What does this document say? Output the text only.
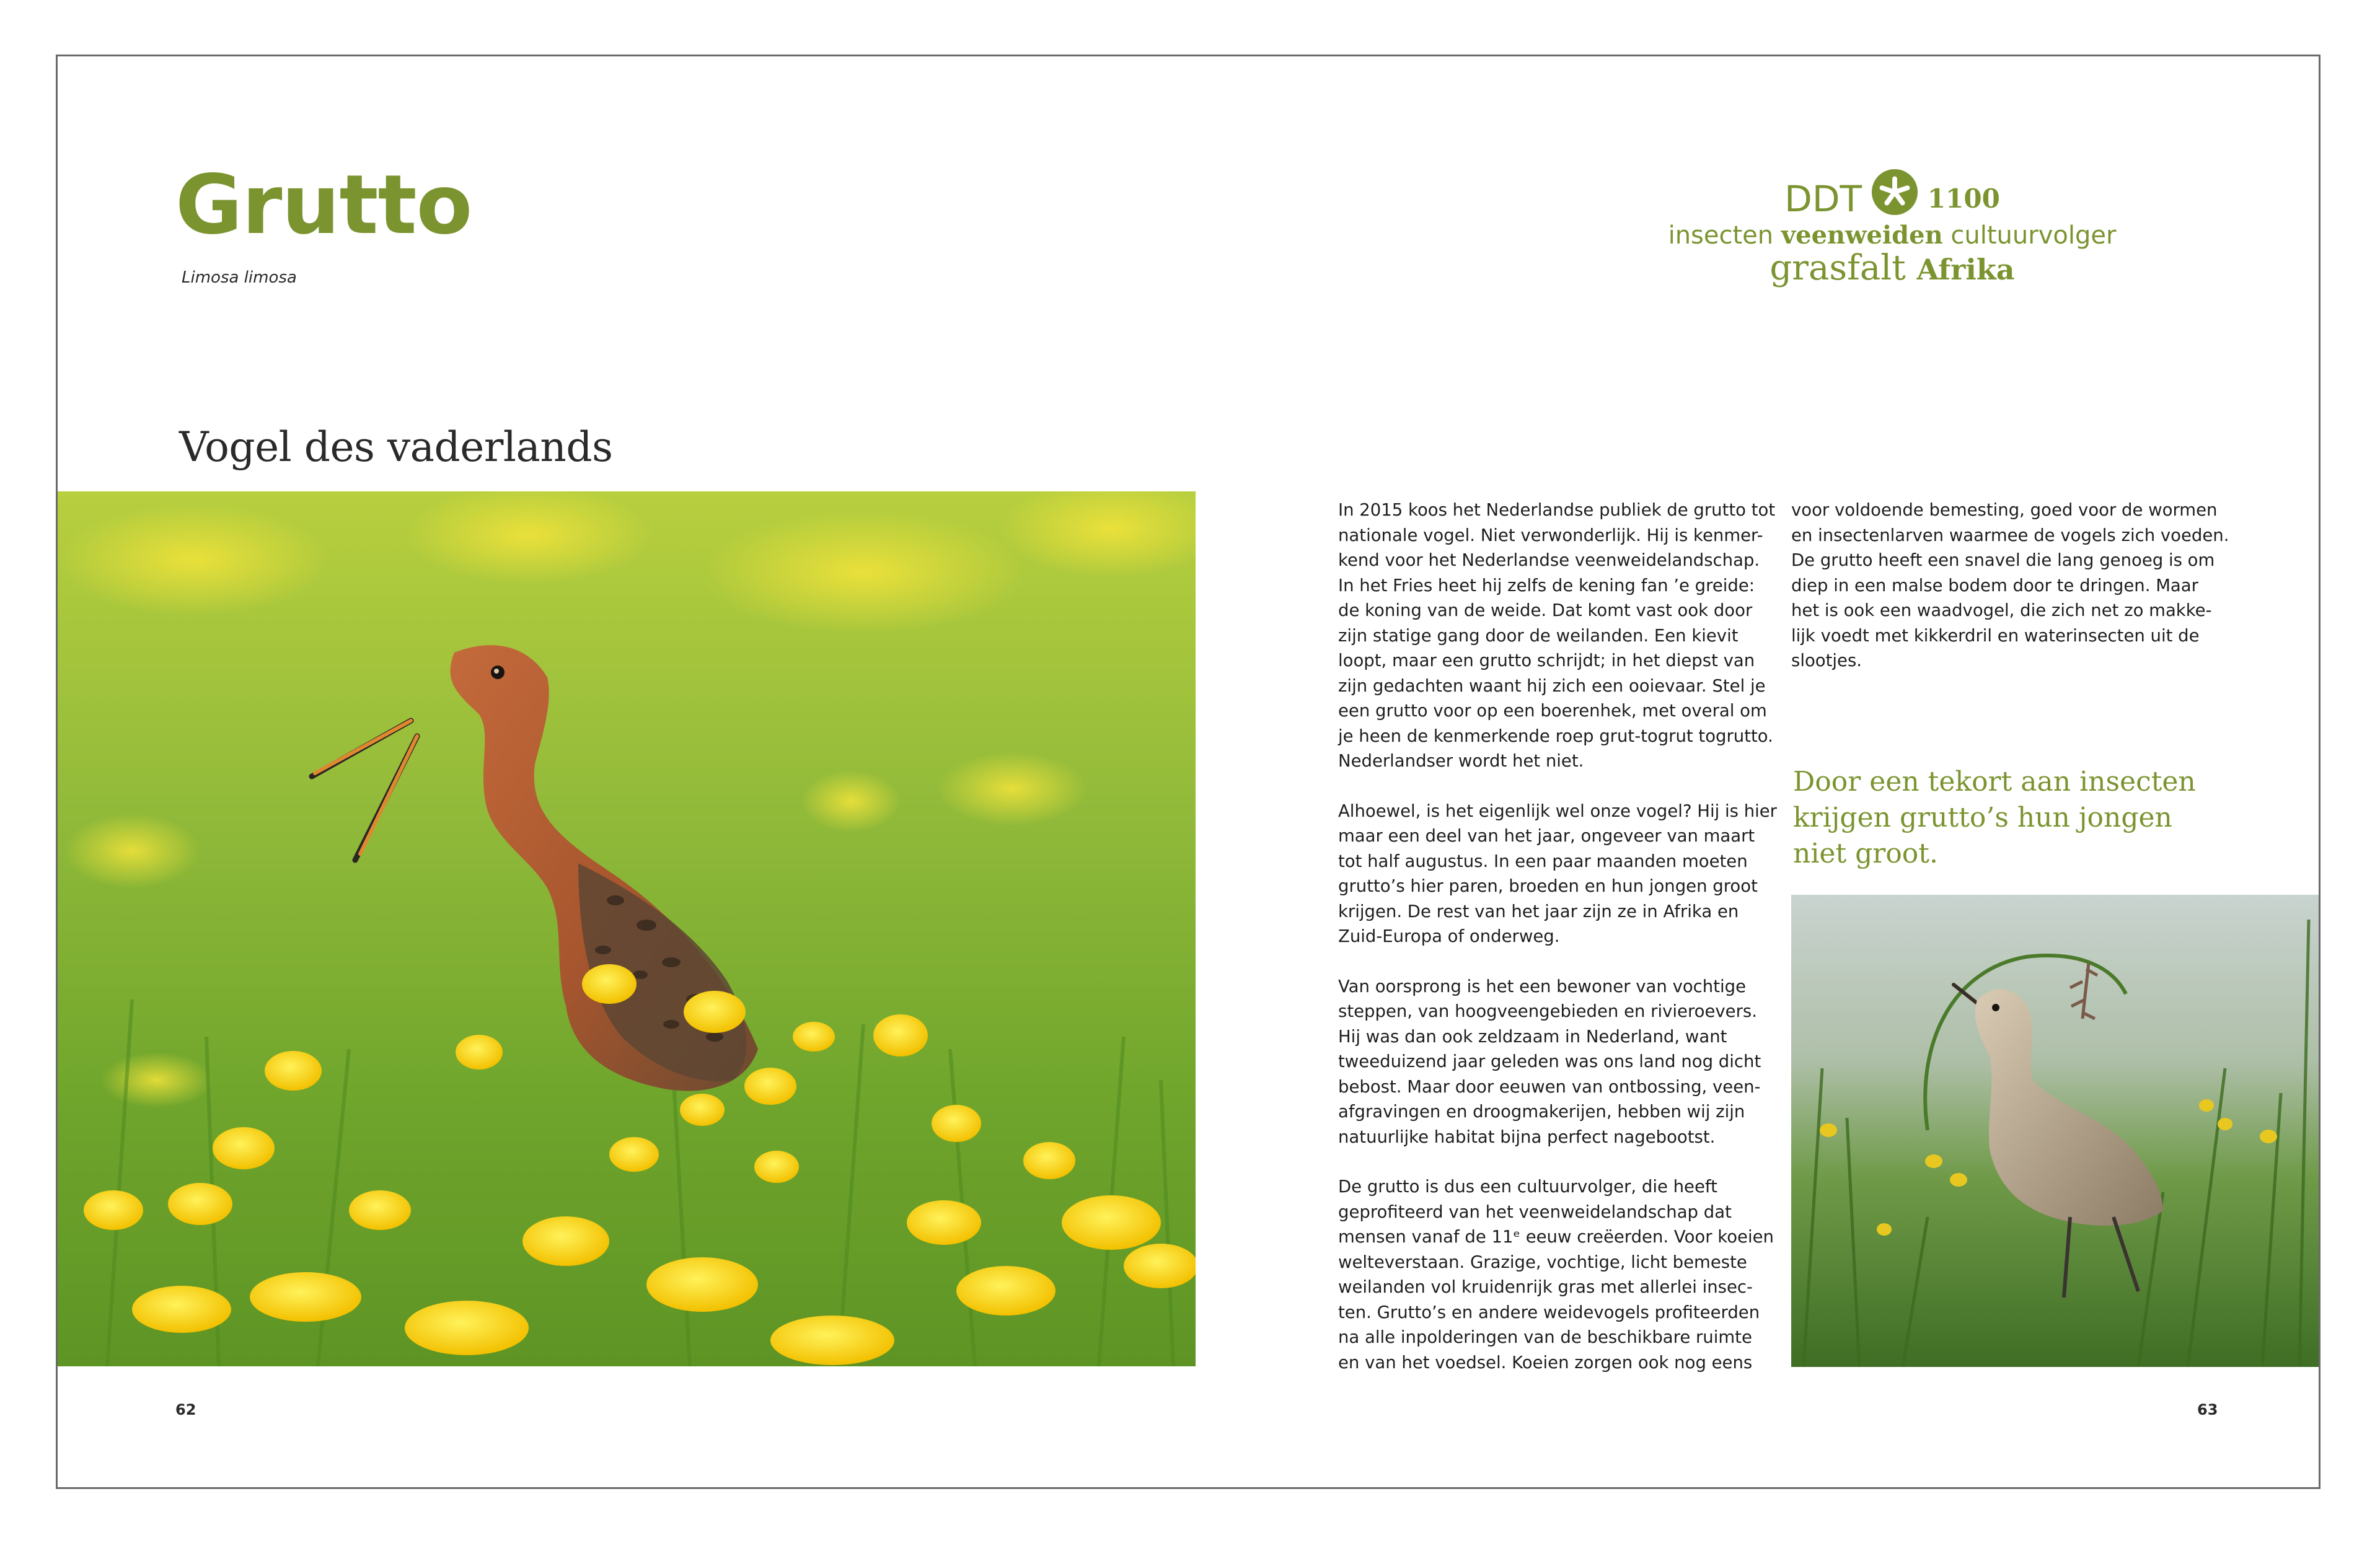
Grutto
Limosa limosa
DDT	1100
insecten veenweiden cultuurvolger
grasfalt Afrika
Vogel des vaderlands

In 2015 koos het Nederlandse publiek de grutto tot
nationale vogel. Niet verwonderlijk. Hij is kenmer-
kend voor het Nederlandse veenweidelandschap.
In het Fries heet hij zelfs de kening fan ’e greide:
de koning van de weide. Dat komt vast ook door
zijn statige gang door de weilanden. Een kievit
loopt, maar een grutto schrijdt; in het diepst van
zijn gedachten waant hij zich een ooievaar. Stel je
een grutto voor op een boerenhek, met overal om
je heen de kenmerkende roep grut-togrut togrutto.
Nederlandser wordt het niet.

Alhoewel, is het eigenlijk wel onze vogel? Hij is hier
maar een deel van het jaar, ongeveer van maart
tot half augustus. In een paar maanden moeten
grutto’s hier paren, broeden en hun jongen groot
krijgen. De rest van het jaar zijn ze in Afrika en
Zuid-Europa of onderweg.

Van oorsprong is het een bewoner van vochtige
steppen, van hoogveengebieden en rivieroevers.
Hij was dan ook zeldzaam in Nederland, want
tweeduizend jaar geleden was ons land nog dicht
bebost. Maar door eeuwen van ontbossing, veen-
afgravingen en droogmakerijen, hebben wij zijn
natuurlijke habitat bijna perfect nagebootst.

De grutto is dus een cultuurvolger, die heeft
geprofiteerd van het veenweidelandschap dat
mensen vanaf de 11ᵉ eeuw creëerden. Voor koeien
welteverstaan. Grazige, vochtige, licht bemeste
weilanden vol kruidenrijk gras met allerlei insec-
ten. Grutto’s en andere weidevogels profiteerden
na alle inpolderingen van de beschikbare ruimte
en van het voedsel. Koeien zorgen ook nog eens

voor voldoende bemesting, goed voor de wormen
en insectenlarven waarmee de vogels zich voeden.
De grutto heeft een snavel die lang genoeg is om
diep in een malse bodem door te dringen. Maar
het is ook een waadvogel, die zich net zo makke-
lijk voedt met kikkerdril en waterinsecten uit de
slootjes.

Door een tekort aan insecten
krijgen grutto’s hun jongen
niet groot.
62	63
